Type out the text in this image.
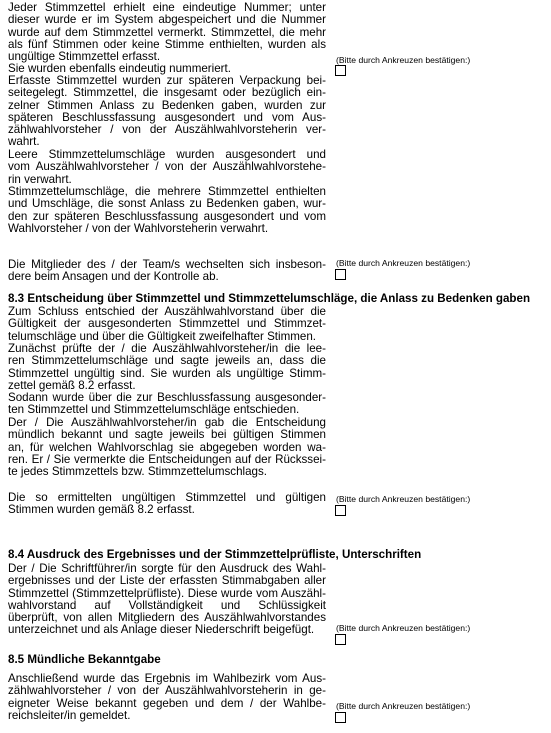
Jeder Stimmzettel erhielt eine eindeutige Nummer; unter
dieser wurde er im System abgespeichert und die Nummer
wurde auf dem Stimmzettel vermerkt. Stimmzettel, die mehr
als fünf Stimmen oder keine Stimme enthielten, wurden als
ungültige Stimmzettel erfasst.
Sie wurden ebenfalls eindeutig nummeriert.
Erfasste Stimmzettel wurden zur späteren Verpackung bei-
seitegelegt. Stimmzettel, die insgesamt oder bezüglich ein-
zelner Stimmen Anlass zu Bedenken gaben, wurden zur
späteren Beschlussfassung ausgesondert und vom Aus-
zählwahlvorsteher / von der Auszählwahlvorsteherin ver-
wahrt.
Leere Stimmzettelumschläge wurden ausgesondert und
vom Auszählwahlvorsteher / von der Auszählwahlvorstehe-
rin verwahrt.
Stimmzettelumschläge, die mehrere Stimmzettel enthielten
und Umschläge, die sonst Anlass zu Bedenken gaben, wur-
den zur späteren Beschlussfassung ausgesondert und vom
Wahlvorsteher / von der Wahlvorsteherin verwahrt.
Die Mitglieder des / der Team/s wechselten sich insbeson-
dere beim Ansagen und der Kontrolle ab.
(Bitte durch Ankreuzen bestätigen:)
(Bitte durch Ankreuzen bestätigen:)
8.3 Entscheidung über Stimmzettel und Stimmzettelumschläge, die Anlass zu Bedenken gaben
Zum Schluss entschied der Auszählwahlvorstand über die
Gültigkeit der ausgesonderten Stimmzettel und Stimmzet-
telumschläge und über die Gültigkeit zweifelhafter Stimmen.
Zunächst prüfte der / die Auszählwahlvorsteher/in die lee-
ren Stimmzettelumschläge und sagte jeweils an, dass die
Stimmzettel ungültig sind. Sie wurden als ungültige Stimm-
zettel gemäß 8.2 erfasst.
Sodann wurde über die zur Beschlussfassung ausgesonder-
ten Stimmzettel und Stimmzettelumschläge entschieden.
Der / Die Auszählwahlvorsteher/in gab die Entscheidung
mündlich bekannt und sagte jeweils bei gültigen Stimmen
an, für welchen Wahlvorschlag sie abgegeben worden wa-
ren. Er / Sie vermerkte die Entscheidungen auf der Rückssei-
te jedes Stimmzettels bzw. Stimmzettelumschlags.
Die so ermittelten ungültigen Stimmzettel und gültigen
Stimmen wurden gemäß 8.2 erfasst.
(Bitte durch Ankreuzen bestätigen:)
8.4 Ausdruck des Ergebnisses und der Stimmzettelprüfliste, Unterschriften
Der / Die Schriftführer/in sorgte für den Ausdruck des Wahl-
ergebnisses und der Liste der erfassten Stimmabgaben aller
Stimmzettel (Stimmzettelprüfliste). Diese wurde vom Auszähl-
wahlvorstand auf Vollständigkeit und Schlüssigkeit
überprüft, von allen Mitgliedern des Auszählwahlvorstandes
unterzeichnet und als Anlage dieser Niederschrift beigefügt.	(Bitte durch Ankreuzen bestätigen:)
8.5 Mündliche Bekanntgabe
Anschließend wurde das Ergebnis im Wahlbezirk vom Aus-
zählwahlvorsteher / von der Auszählwahlvorsteherin in ge-
eigneter Weise bekannt gegeben und dem / der Wahlbe-
reichsleiter/in gemeldet.
(Bitte durch Ankreuzen bestätigen:)
